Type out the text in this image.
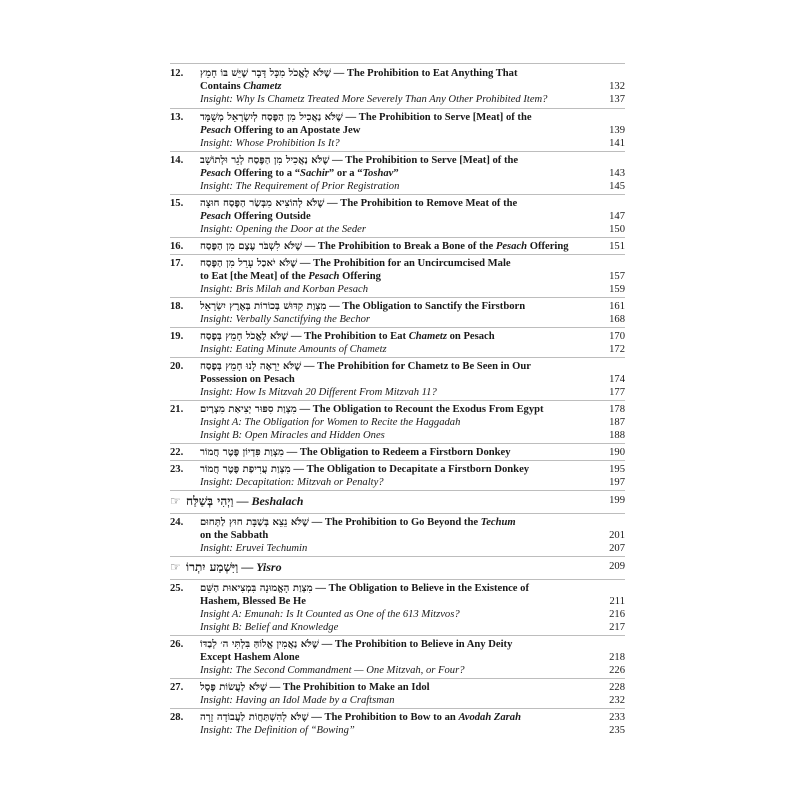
12. שֶׁלֹּא לֶאֱכֹל מִכָּל דָּבָר שֶׁיֵּשׁ בּוֹ חָמֵץ — The Prohibition to Eat Anything That
Contains Chametz	132
Insight: Why Is Chametz Treated More Severely Than Any Other Prohibited Item?	137
13. שֶׁלֹּא נַאֲכִיל מִן הַפֶּסַח לְיִשְׂרָאֵל מְשֻׁמָּד — The Prohibition to Serve [Meat] of the
Pesach Offering to an Apostate Jew	139
Insight: Whose Prohibition Is It?	141
14. שֶׁלֹּא נַאֲכִיל מִן הַפֶּסַח לְגֵר וּלְתוֹשָׁב — The Prohibition to Serve [Meat] of the
Pesach Offering to a “Sachir” or a “Toshav”	143
Insight: The Requirement of Prior Registration	145
15. שֶׁלֹּא לְהוֹצִיא מִבְּשַׂר הַפֶּסַח חוּצָה — The Prohibition to Remove Meat of the
Pesach Offering Outside	147
Insight: Opening the Door at the Seder	150
16. שֶׁלֹּא לִשְׁבֹּר עֶצֶם מִן הַפֶּסַח — The Prohibition to Break a Bone of the Pesach Offering	151
17. שֶׁלֹּא יֹאכַל עָרֵל מִן הַפֶּסַח — The Prohibition for an Uncircumcised Male
to Eat [the Meat] of the Pesach Offering	157
Insight: Bris Milah and Korban Pesach	159
18. מִצְוַת קִדּוּשׁ בְּכוֹרוֹת בְּאֶרֶץ יִשְׂרָאֵל — The Obligation to Sanctify the Firstborn	161
Insight: Verbally Sanctifying the Bechor	168
19. שֶׁלֹּא לֶאֱכֹל חָמֵץ בְּפֶסַח — The Prohibition to Eat Chametz on Pesach	170
Insight: Eating Minute Amounts of Chametz	172
20. שֶׁלֹּא יֵרָאֶה לָנוּ חָמֵץ בְּפֶסַח — The Prohibition for Chametz to Be Seen in Our
Possession on Pesach	174
Insight: How Is Mitzvah 20 Different From Mitzvah 11?	177
21. מִצְוַת סִפּוּר יְצִיאַת מִצְרַיִם — The Obligation to Recount the Exodus From Egypt	178
Insight A: The Obligation for Women to Recite the Haggadah	187
Insight B: Open Miracles and Hidden Ones	188
22. מִצְוַת פִּדְיוֹן פֶּטֶר חֲמוֹר — The Obligation to Redeem a Firstborn Donkey	190
23. מִצְוַת עֲרִיפַת פֶּטֶר חֲמוֹר — The Obligation to Decapitate a Firstborn Donkey	195
Insight: Decapitation: Mitzvah or Penalty?	197
☞ וַיְהִי בְּשַׁלַּח — Beshalach	199
24. שֶׁלֹּא נֵצֵא בְּשַׁבָּת חוּץ לַתְּחוּם — The Prohibition to Go Beyond the Techum
on the Sabbath	201
Insight: Eruvei Techumin	207
☞ וַיִּשְׁמַע יִתְרוֹ — Yisro	209
25. מִצְוַת הָאֱמוּנָה בִּמְצִיאוּת הַשֵּׁם — The Obligation to Believe in the Existence of
Hashem, Blessed Be He	211
Insight A: Emunah: Is It Counted as One of the 613 Mitzvos?	216
Insight B: Belief and Knowledge	217
26. שֶׁלֹּא נַאֲמִין אֱלוֹהַּ בִּלְתִּי ה׳ לְבַדּוֹ — The Prohibition to Believe in Any Deity
Except Hashem Alone	218
Insight: The Second Commandment — One Mitzvah, or Four?	226
27. שֶׁלֹּא לַעֲשׂוֹת פֶּסֶל — The Prohibition to Make an Idol	228
Insight: Having an Idol Made by a Craftsman	232
28. שֶׁלֹּא לְהִשְׁתַּחֲוֹת לַעֲבוֹדָה זָרָה — The Prohibition to Bow to an Avodah Zarah	233
Insight: The Definition of “Bowing”	235
